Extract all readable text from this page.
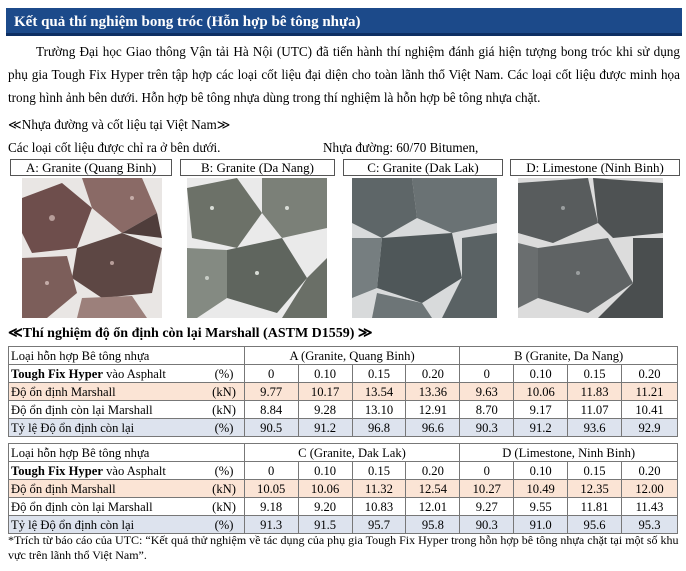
Kết quả thí nghiệm bong tróc (Hỗn hợp bê tông nhựa)
Trường Đại học Giao thông Vận tải Hà Nội (UTC) đã tiến hành thí nghiệm đánh giá hiện tượng bong tróc khi sử dụng phụ gia Tough Fix Hyper trên tập hợp các loại cốt liệu đại diện cho toàn lãnh thổ Việt Nam. Các loại cốt liệu được minh họa trong hình ảnh bên dưới. Hỗn hợp bê tông nhựa dùng trong thí nghiệm là hỗn hợp bê tông nhựa chặt.
≪Nhựa đường và cốt liệu tại Việt Nam≫
Các loại cốt liệu được chỉ ra ở bên dưới.	Nhựa đường: 60/70 Bitumen,
A: Granite (Quang Binh)	B: Granite (Da Nang)	C: Granite (Dak Lak)	D: Limestone (Ninh Binh)
≪Thí nghiệm độ ổn định còn lại Marshall (ASTM D1559) ≫
Loại hỗn hợp Bê tông nhựa		A (Granite, Quang Binh)				B (Granite, Da Nang)			
Tough Fix Hyper vào Asphalt	(%)	0	0.10	0.15	0.20	0	0.10	0.15	0.20
Độ ổn định Marshall	(kN)	9.77	10.17	13.54	13.36	9.63	10.06	11.83	11.21
Độ ổn định còn lại Marshall	(kN)	8.84	9.28	13.10	12.91	8.70	9.17	11.07	10.41
Tỷ lệ Độ ổn định còn lại	(%)	90.5	91.2	96.8	96.6	90.3	91.2	93.6	92.9
Loại hỗn hợp Bê tông nhựa		C (Granite, Dak Lak)				D (Limestone, Ninh Binh)			
Tough Fix Hyper vào Asphalt	(%)	0	0.10	0.15	0.20	0	0.10	0.15	0.20
Độ ổn định Marshall	(kN)	10.05	10.06	11.32	12.54	10.27	10.49	12.35	12.00
Độ ổn định còn lại Marshall	(kN)	9.18	9.20	10.83	12.01	9.27	9.55	11.81	11.43
Tỷ lệ Độ ổn định còn lại	(%)	91.3	91.5	95.7	95.8	90.3	91.0	95.6	95.3
*Trích từ báo cáo của UTC: “Kết quả thử nghiệm về tác dụng của phụ gia Tough Fix Hyper trong hỗn hợp bê tông nhựa chặt tại một số khu vực trên lãnh thổ Việt Nam”.
